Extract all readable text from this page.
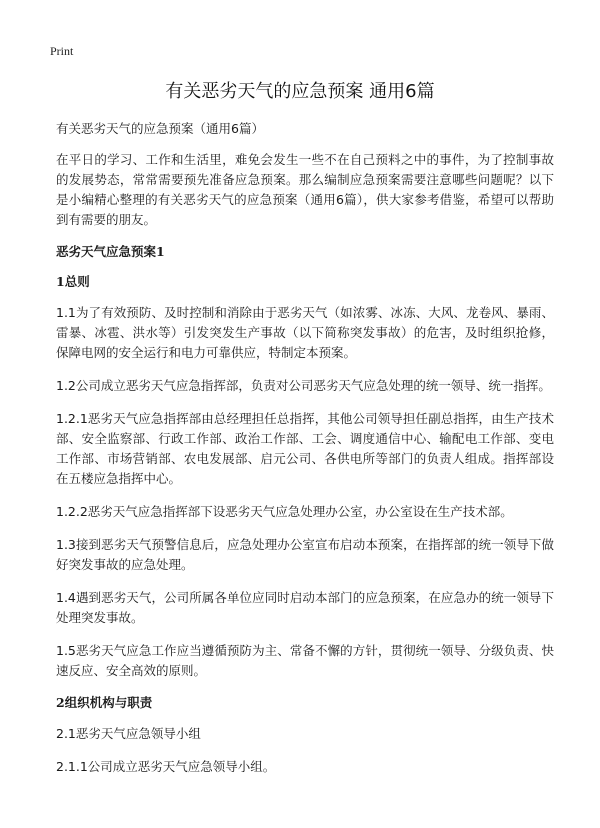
Print
有关恶劣天气的应急预案 通用6篇
有关恶劣天气的应急预案（通用6篇）

在平日的学习、工作和生活里，难免会发生一些不在自己预料之中的事件，为了控制事故的发展势态，常常需要预先准备应急预案。那么编制应急预案需要注意哪些问题呢？以下是小编精心整理的有关恶劣天气的应急预案（通用6篇），供大家参考借鉴，希望可以帮助到有需要的朋友。

恶劣天气应急预案1
1总则

1.1为了有效预防、及时控制和消除由于恶劣天气（如浓雾、冰冻、大风、龙卷风、暴雨、雷暴、冰雹、洪水等）引发突发生产事故（以下简称突发事故）的危害，及时组织抢修，保障电网的安全运行和电力可靠供应，特制定本预案。

1.2公司成立恶劣天气应急指挥部，负责对公司恶劣天气应急处理的统一领导、统一指挥。

1.2.1恶劣天气应急指挥部由总经理担任总指挥，其他公司领导担任副总指挥，由生产技术部、安全监察部、行政工作部、政治工作部、工会、调度通信中心、输配电工作部、变电工作部、市场营销部、农电发展部、启元公司、各供电所等部门的负责人组成。指挥部设在五楼应急指挥中心。

1.2.2恶劣天气应急指挥部下设恶劣天气应急处理办公室，办公室设在生产技术部。

1.3接到恶劣天气预警信息后，应急处理办公室宣布启动本预案，在指挥部的统一领导下做好突发事故的应急处理。

1.4遇到恶劣天气，公司所属各单位应同时启动本部门的应急预案，在应急办的统一领导下处理突发事故。

1.5恶劣天气应急工作应当遵循预防为主、常备不懈的方针，贯彻统一领导、分级负责、快速反应、安全高效的原则。

2组织机构与职责

2.1恶劣天气应急领导小组

2.1.1公司成立恶劣天气应急领导小组。
